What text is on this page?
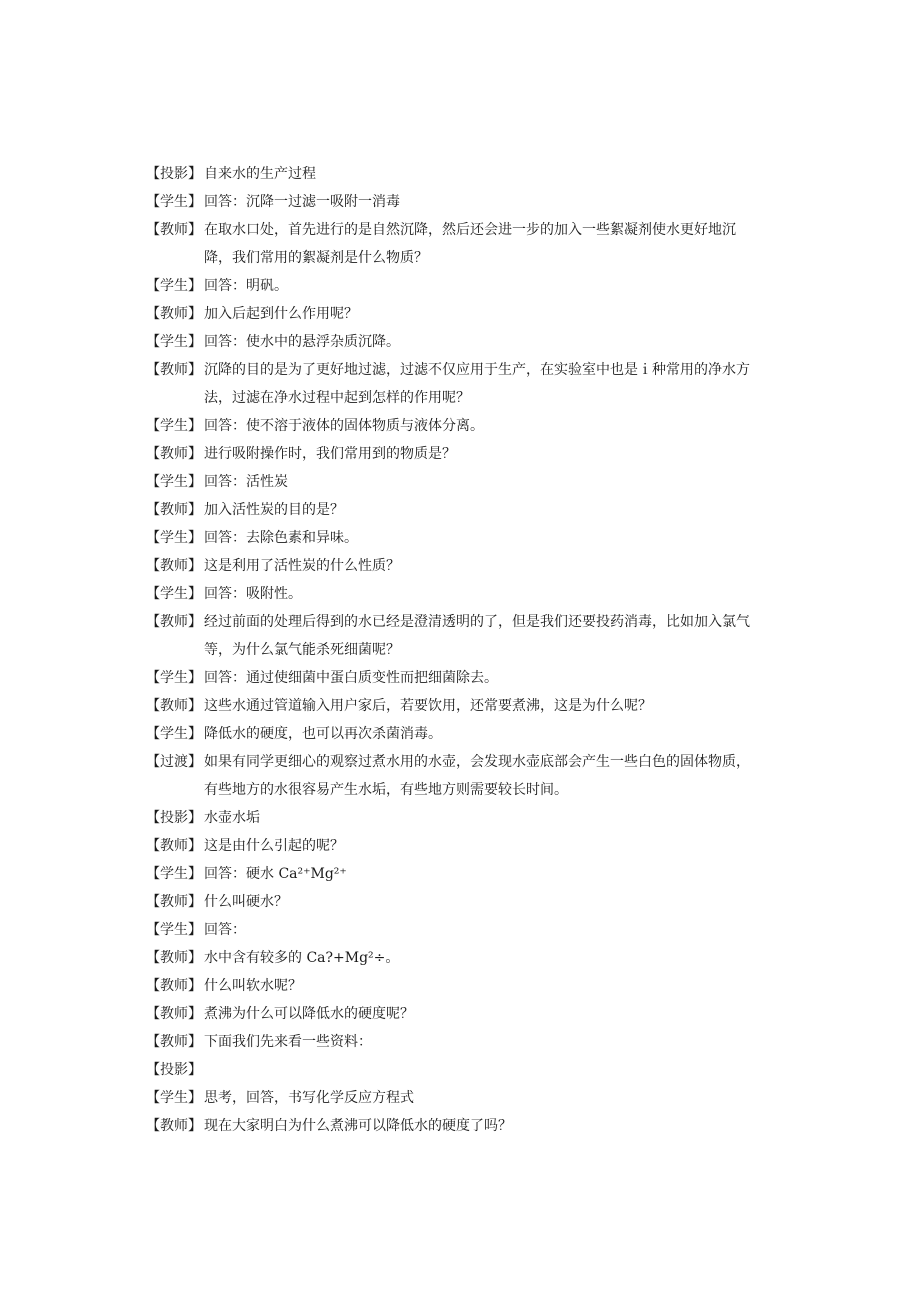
【投影】 自来水的生产过程
【学生】 回答：沉降一过滤一吸附一消毒
【教师】 在取水口处，首先进行的是自然沉降，然后还会进一步的加入一些絮凝剂使水更好地沉
降，我们常用的絮凝剂是什么物质？
【学生】 回答：明矾。
【教师】 加入后起到什么作用呢？
【学生】 回答：使水中的悬浮杂质沉降。
【教师】 沉降的目的是为了更好地过滤，过滤不仅应用于生产，在实验室中也是ｉ种常用的净水方
法，过滤在净水过程中起到怎样的作用呢？
【学生】 回答：使不溶于液体的固体物质与液体分离。
【教师】 进行吸附操作时，我们常用到的物质是？
【学生】 回答：活性炭
【教师】 加入活性炭的目的是？
【学生】 回答：去除色素和异味。
【教师】 这是利用了活性炭的什么性质？
【学生】 回答：吸附性。
【教师】 经过前面的处理后得到的水已经是澄清透明的了，但是我们还要投药消毒，比如加入氯气
等，为什么氯气能杀死细菌呢？
【学生】 回答：通过使细菌中蛋白质变性而把细菌除去。
【教师】 这些水通过管道输入用户家后，若要饮用，还常要煮沸，这是为什么呢？
【学生】 降低水的硬度，也可以再次杀菌消毒。
【过渡】 如果有同学更细心的观察过煮水用的水壶，会发现水壶底部会产生一些白色的固体物质，
有些地方的水很容易产生水垢，有些地方则需要较长时间。
【投影】 水壶水垢
【教师】 这是由什么引起的呢？
【学生】 回答：硬水 Ca²⁺Mg²⁺
【教师】 什么叫硬水？
【学生】 回答：
【教师】 水中含有较多的 Ca?+Mg²÷。
【教师】 什么叫软水呢？
【教师】 煮沸为什么可以降低水的硬度呢？
【教师】 下面我们先来看一些资料：
【投影】

【学生】 思考，回答，书写化学反应方程式
【教师】 现在大家明白为什么煮沸可以降低水的硬度了吗？
